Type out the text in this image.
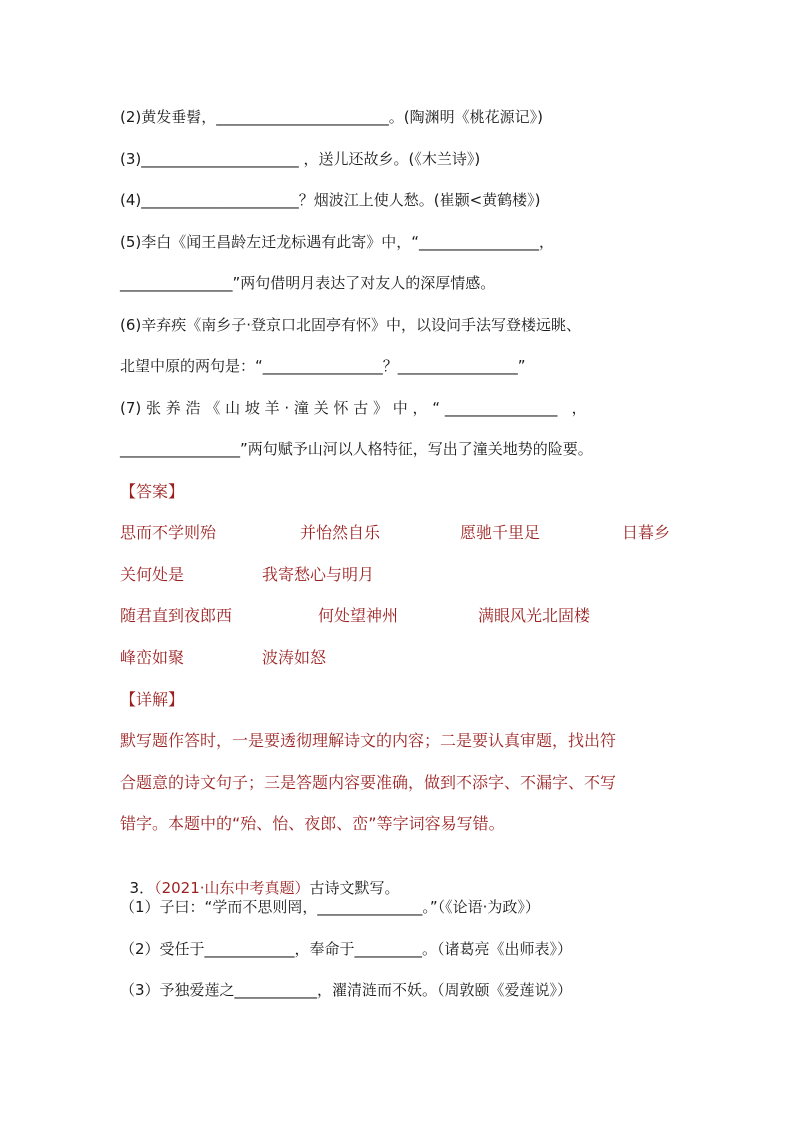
(2)黄发垂髫，_______________________。(陶渊明《桃花源记》)
(3)_____________________ ，送儿还故乡。(《木兰诗》)
(4)_____________________？烟波江上使人愁。(崔颢<黄鹤楼》)
(5)李白《闻王昌龄左迁龙标遇有此寄》中，“________________，
_______________”两句借明月表达了对友人的深厚情感。
(6)辛弃疾《南乡子·登京口北固亭有怀》中，以设问手法写登楼远眺、
北望中原的两句是：“________________？________________”
(7) 张 养 浩 《 山 坡 羊 · 潼 关 怀 古 》 中 ， “ _______________   ，
________________”两句赋予山河以人格特征，写出了潼关地势的险要。
【答案】
思而不学则殆	并怡然自乐	愿驰千里足	日暮乡
关何处是	我寄愁心与明月
随君直到夜郎西	何处望神州	满眼风光北固楼
峰峦如聚	波涛如怒
【详解】
默写题作答时，一是要透彻理解诗文的内容；二是要认真审题，找出符
合题意的诗文句子；三是答题内容要准确，做到不添字、不漏字、不写
错字。本题中的“殆、怡、夜郎、峦”等字词容易写错。

3．（2021·山东中考真题）古诗文默写。

（1）子曰：“学而不思则罔，______________。”（《论语·为政》）
（2）受任于____________，奉命于_________。（诸葛亮《出师表》）
（3）予独爱莲之___________，濯清涟而不妖。（周敦颐《爱莲说》）
